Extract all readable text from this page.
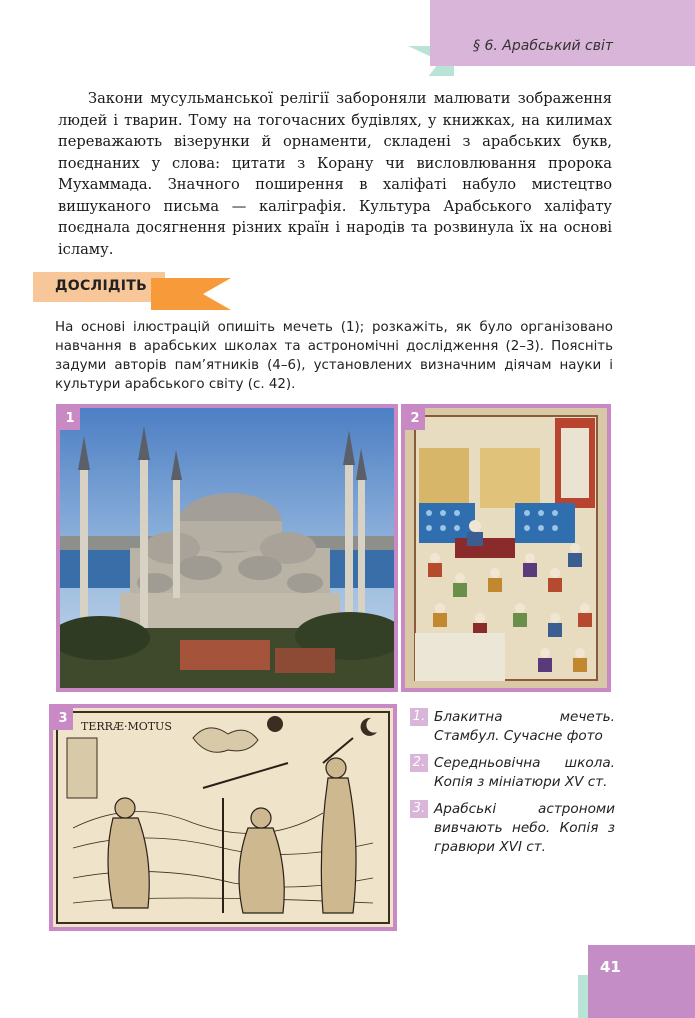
§ 6. Арабський світ

Закони мусульманської релігії забороняли малювати зображення людей і тварин. Тому на тогочасних будівлях, у книжках, на килимах переважають візерунки й орнаменти, складені з арабських букв, поєднаних у слова: цитати з Корану чи висловлювання пророка Мухаммада. Значного поширення в халіфаті набуло мистецтво вишуканого письма — каліграфія. Культура Арабського халіфату поєднала досягнення різних країн і народів та розвинула їх на основі ісламу.

ДОСЛІДІТЬ

На основі ілюстрацій опишіть мечеть (1); розкажіть, як було організовано навчання в арабських школах та астрономічні дослідження (2–3). Поясніть задуми авторів пам’ятників (4–6), установлених визначним діячам науки і культури арабського світу (с. 42).

1	2
TERRÆ·MOTUS
3	1. Блакитна мечеть. Стамбул. Сучасне фото
2. Середньовічна школа. Копія з мініатюри XV ст.
3. Арабські астрономи вивчають небо. Копія з гравюри XVI ст.
41
